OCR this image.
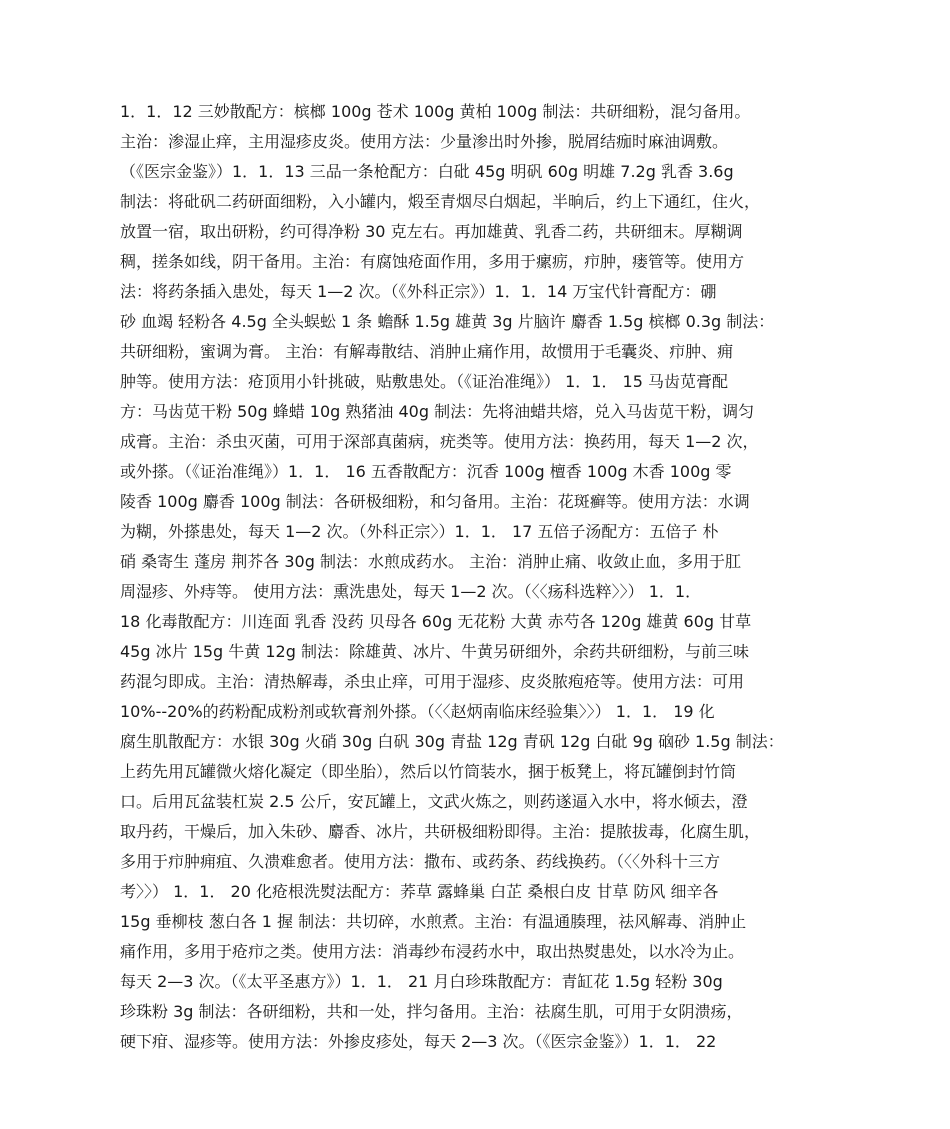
1．1．12 三妙散配方：槟榔 100g 苍术 100g 黄柏 100g 制法：共研细粉，混匀备用。
主治：渗湿止痒，主用湿疹皮炎。使用方法：少量渗出时外掺，脱屑结痂时麻油调敷。
（《医宗金鉴》）1．1．13 三品一条枪配方：白砒 45g 明矾 60g 明雄 7.2g 乳香 3.6g
制法：将砒矾二药研面细粉，入小罐内，煅至青烟尽白烟起，半晌后，约上下通红，住火，
放置一宿，取出研粉，约可得净粉 30 克左右。再加雄黄、乳香二药，共研细末。厚糊调
稠，搓条如线，阴干备用。主治：有腐蚀疮面作用，多用于瘰疬，疖肿，瘘管等。使用方
法：将药条插入患处，每天 1—2 次。（《外科正宗》）1．1．14 万宝代针膏配方：硼
砂 血竭 轻粉各 4.5g 全头蜈蚣 1 条 蟾酥 1.5g 雄黄 3g 片脑许 麝香 1.5g 槟榔 0.3g 制法：
共研细粉，蜜调为膏。 主治：有解毒散结、消肿止痛作用，故惯用于毛囊炎、疖肿、痈
肿等。使用方法：疮顶用小针挑破，贴敷患处。（《证治准绳》） 1．1． 15 马齿苋膏配
方：马齿苋干粉 50g 蜂蜡 10g 熟猪油 40g 制法：先将油蜡共熔，兑入马齿苋干粉，调匀
成膏。主治：杀虫灭菌，可用于深部真菌病，疣类等。使用方法：换药用，每天 1—2 次，
或外搽。（《证治准绳》）1．1． 16 五香散配方：沉香 100g 檀香 100g 木香 100g 零
陵香 100g 麝香 100g 制法：各研极细粉，和匀备用。主治：花斑癣等。使用方法：水调
为糊，外搽患处，每天 1—2 次。（外科正宗〉）1．1． 17 五倍子汤配方：五倍子 朴
硝 桑寄生 蓬房 荆芥各 30g 制法：水煎成药水。 主治：消肿止痛、收敛止血，多用于肛
周湿疹、外痔等。 使用方法：熏洗患处，每天 1—2 次。（〈〈疡科选粹〉〉） 1．1．
18 化毒散配方：川连面 乳香 没药 贝母各 60g 无花粉 大黄 赤芍各 120g 雄黄 60g 甘草
45g 冰片 15g 牛黄 12g 制法：除雄黄、冰片、牛黄另研细外，余药共研细粉，与前三味
药混匀即成。主治：清热解毒，杀虫止痒，可用于湿疹、皮炎脓疱疮等。使用方法：可用
10%--20%的药粉配成粉剂或软膏剂外搽。（〈〈赵炳南临床经验集〉〉） 1．1． 19 化
腐生肌散配方：水银 30g 火硝 30g 白矾 30g 青盐 12g 青矾 12g 白砒 9g 硇砂 1.5g 制法：
上药先用瓦罐微火熔化凝定（即坐胎），然后以竹筒装水，捆于板凳上，将瓦罐倒封竹筒
口。后用瓦盆装杠炭 2.5 公斤，安瓦罐上，文武火炼之，则药遂逼入水中，将水倾去，澄
取丹药，干燥后，加入朱砂、麝香、冰片，共研极细粉即得。主治：提脓拔毒，化腐生肌，
多用于疖肿痈疽、久溃难愈者。使用方法：撒布、或药条、药线换药。（〈〈外科十三方
考〉〉） 1．1． 20 化疮根洗熨法配方：荞草 露蜂巢 白芷 桑根白皮 甘草 防风 细辛各
15g 垂柳枝 葱白各 1 握 制法：共切碎，水煎煮。主治：有温通腠理，祛风解毒、消肿止
痛作用，多用于疮疖之类。使用方法：消毒纱布浸药水中，取出热熨患处，以水冷为止。
每天 2—3 次。（《太平圣惠方》）1．1． 21 月白珍珠散配方：青缸花 1.5g 轻粉 30g
珍珠粉 3g 制法：各研细粉，共和一处，拌匀备用。主治：祛腐生肌，可用于女阴溃疡，
硬下疳、湿疹等。使用方法：外掺皮疹处，每天 2—3 次。（《医宗金鉴》）1．1． 22
